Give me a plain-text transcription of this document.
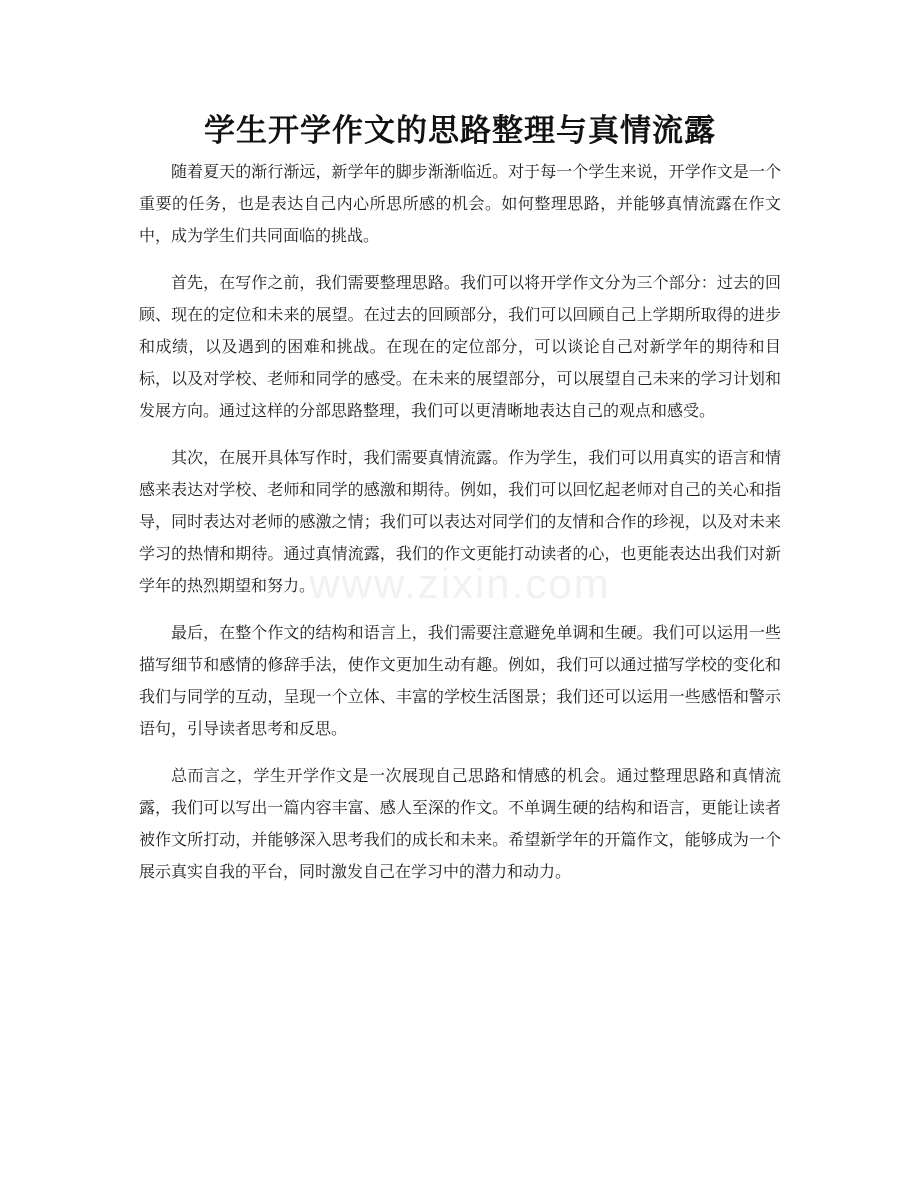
学生开学作文的思路整理与真情流露
www.zixin.com

随着夏天的渐行渐远，新学年的脚步渐渐临近。对于每一个学生来说，开学作文是一个重要的任务，也是表达自己内心所思所感的机会。如何整理思路，并能够真情流露在作文中，成为学生们共同面临的挑战。

首先，在写作之前，我们需要整理思路。我们可以将开学作文分为三个部分：过去的回顾、现在的定位和未来的展望。在过去的回顾部分，我们可以回顾自己上学期所取得的进步和成绩，以及遇到的困难和挑战。在现在的定位部分，可以谈论自己对新学年的期待和目标，以及对学校、老师和同学的感受。在未来的展望部分，可以展望自己未来的学习计划和发展方向。通过这样的分部思路整理，我们可以更清晰地表达自己的观点和感受。

其次，在展开具体写作时，我们需要真情流露。作为学生，我们可以用真实的语言和情感来表达对学校、老师和同学的感激和期待。例如，我们可以回忆起老师对自己的关心和指导，同时表达对老师的感激之情；我们可以表达对同学们的友情和合作的珍视，以及对未来学习的热情和期待。通过真情流露，我们的作文更能打动读者的心，也更能表达出我们对新学年的热烈期望和努力。

最后，在整个作文的结构和语言上，我们需要注意避免单调和生硬。我们可以运用一些描写细节和感情的修辞手法，使作文更加生动有趣。例如，我们可以通过描写学校的变化和我们与同学的互动，呈现一个立体、丰富的学校生活图景；我们还可以运用一些感悟和警示语句，引导读者思考和反思。

总而言之，学生开学作文是一次展现自己思路和情感的机会。通过整理思路和真情流露，我们可以写出一篇内容丰富、感人至深的作文。不单调生硬的结构和语言，更能让读者被作文所打动，并能够深入思考我们的成长和未来。希望新学年的开篇作文，能够成为一个展示真实自我的平台，同时激发自己在学习中的潜力和动力。
